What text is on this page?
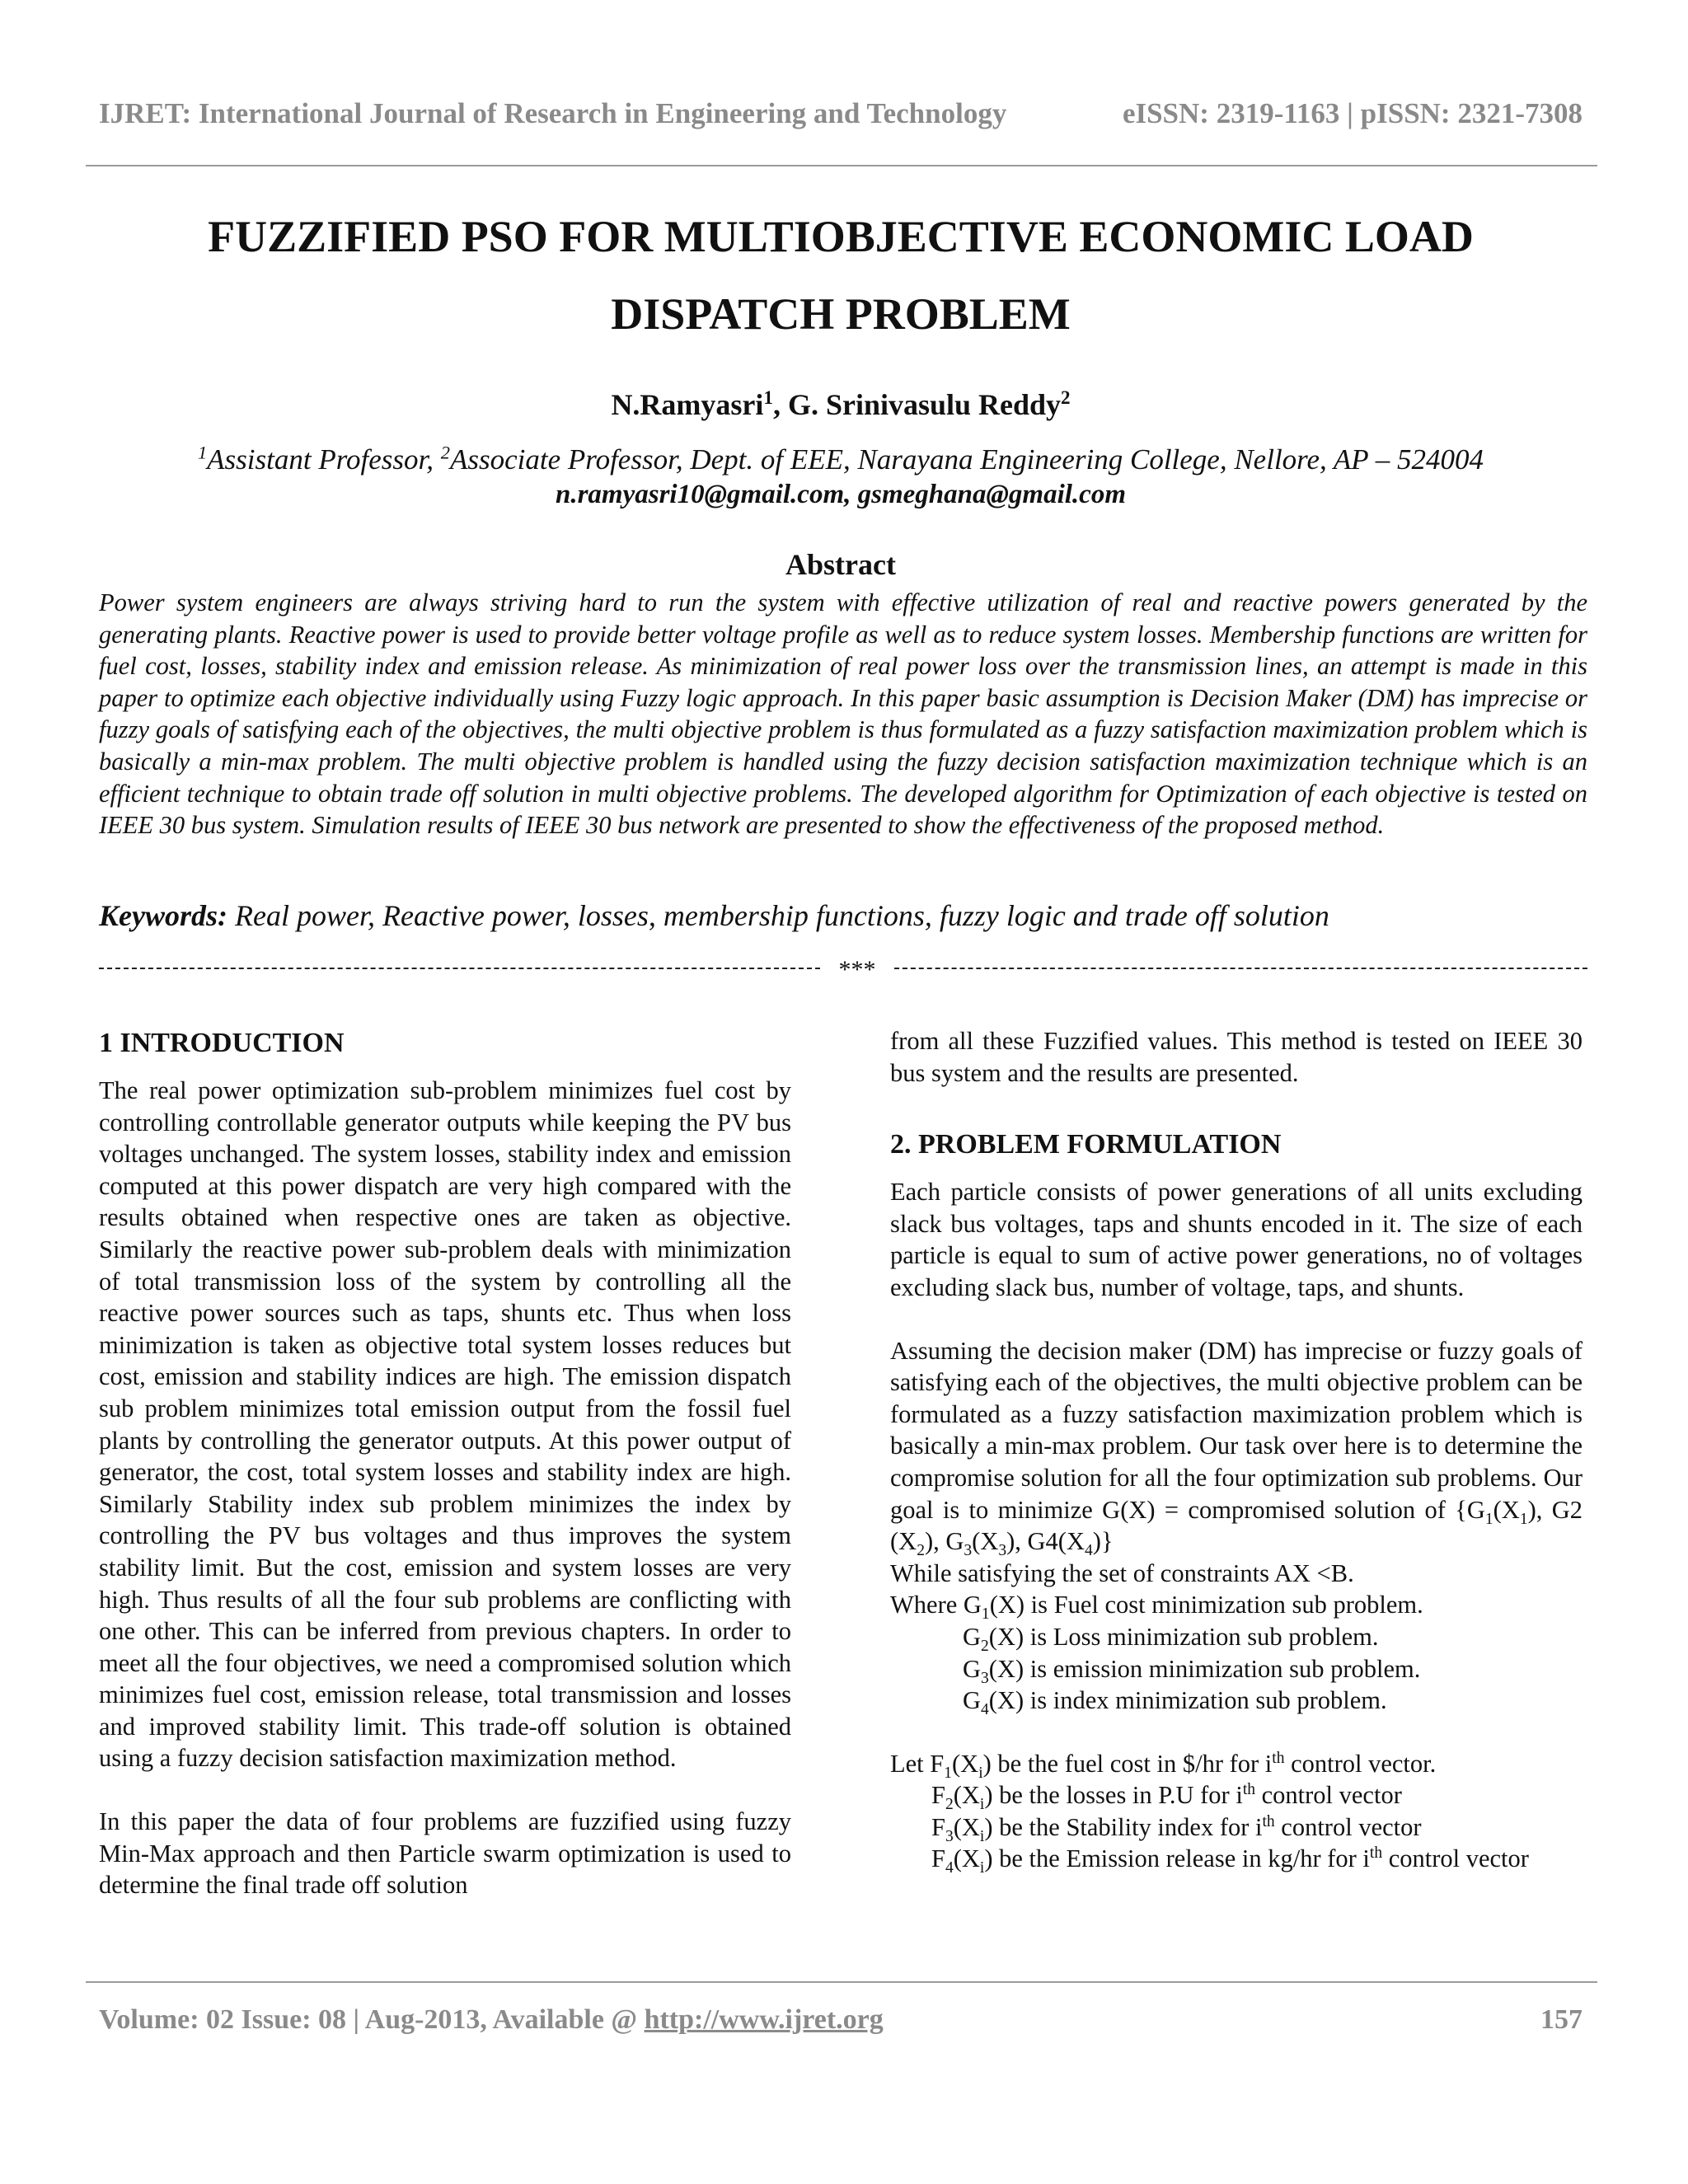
IJRET: International Journal of Research in Engineering and Technology	eISSN: 2319-1163 | pISSN: 2321-7308
FUZZIFIED PSO FOR MULTIOBJECTIVE ECONOMIC LOAD
DISPATCH PROBLEM
N.Ramyasri$^1$, G. Srinivasulu Reddy$^2$
$^1$Assistant Professor, $^2$Associate Professor, Dept. of EEE, Narayana Engineering College, Nellore, AP – 524004
n.ramyasri10@gmail.com, gsmeghana@gmail.com
Abstract
Power system engineers are always striving hard to run the system with effective utilization of real and reactive powers generated by the generating plants. Reactive power is used to provide better voltage profile as well as to reduce system losses. Membership functions are written for fuel cost, losses, stability index and emission release. As minimization of real power loss over the transmission lines, an attempt is made in this paper to optimize each objective individually using Fuzzy logic approach. In this paper basic assumption is Decision Maker (DM) has imprecise or fuzzy goals of satisfying each of the objectives, the multi objective problem is thus formulated as a fuzzy satisfaction maximization problem which is basically a min-max problem. The multi objective problem is handled using the fuzzy decision satisfaction maximization technique which is an efficient technique to obtain trade off solution in multi objective problems. The developed algorithm for Optimization of each objective is tested on IEEE 30 bus system. Simulation results of IEEE 30 bus network are presented to show the effectiveness of the proposed method.
Keywords: Real power, Reactive power, losses, membership functions, fuzzy logic and trade off solution
***
1 INTRODUCTION

The real power optimization sub-problem minimizes fuel cost by controlling controllable generator outputs while keeping the PV bus voltages unchanged. The system losses, stability index and emission computed at this power dispatch are very high compared with the results obtained when respective ones are taken as objective. Similarly the reactive power sub-problem deals with minimization of total transmission loss of the system by controlling all the reactive power sources such as taps, shunts etc. Thus when loss minimization is taken as objective total system losses reduces but cost, emission and stability indices are high. The emission dispatch sub problem minimizes total emission output from the fossil fuel plants by controlling the generator outputs. At this power output of generator, the cost, total system losses and stability index are high. Similarly Stability index sub problem minimizes the index by controlling the PV bus voltages and thus improves the system stability limit. But the cost, emission and system losses are very high. Thus results of all the four sub problems are conflicting with one other. This can be inferred from previous chapters. In order to meet all the four objectives, we need a compromised solution which minimizes fuel cost, emission release, total transmission and losses and improved stability limit. This trade-off solution is obtained using a fuzzy decision satisfaction maximization method.

In this paper the data of four problems are fuzzified using fuzzy Min-Max approach and then Particle swarm optimization is used to determine the final trade off solution

from all these Fuzzified values. This method is tested on IEEE 30 bus system and the results are presented.

2. PROBLEM FORMULATION

Each particle consists of power generations of all units excluding slack bus voltages, taps and shunts encoded in it. The size of each particle is equal to sum of active power generations, no of voltages excluding slack bus, number of voltage, taps, and shunts.

Assuming the decision maker (DM) has imprecise or fuzzy goals of satisfying each of the objectives, the multi objective problem can be formulated as a fuzzy satisfaction maximization problem which is basically a min-max problem. Our task over here is to determine the compromise solution for all the four optimization sub problems. Our goal is to minimize G(X) = compromised solution of {$G_1(X_1)$, G2 $(X_2)$, $G_3(X_3)$, $G4(X_4)$}

While satisfying the set of constraints AX <B.
Where $G_1(X)$ is Fuel cost minimization sub problem.
$G_2(X)$ is Loss minimization sub problem.
$G_3(X)$ is emission minimization sub problem.
$G_4(X)$ is index minimization sub problem.
Let $F_1(X_i)$ be the fuel cost in $/hr for $i^{th}$ control vector.
$F_2(X_i)$ be the losses in P.U for $i^{th}$ control vector
$F_3(X_i)$ be the Stability index for $i^{th}$ control vector
$F_4(X_i)$ be the Emission release in kg/hr for $i^{th}$ control vector
Volume: 02 Issue: 08 | Aug-2013, Available @ http://www.ijret.org	157
